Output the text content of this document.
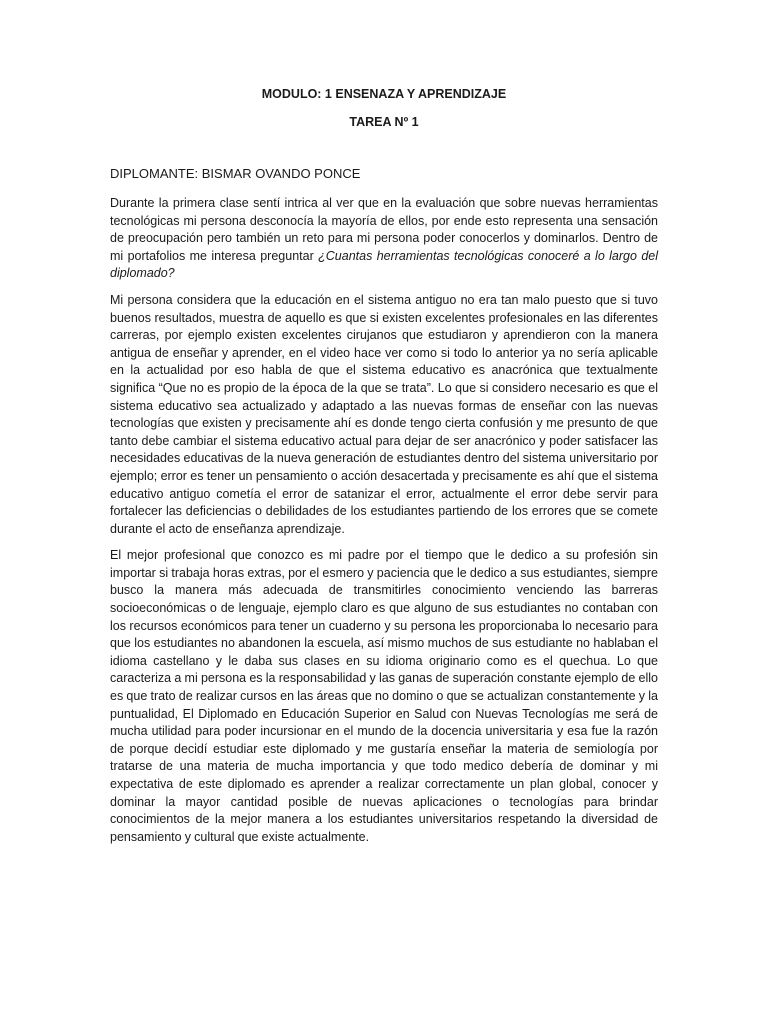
MODULO: 1 ENSENAZA Y APRENDIZAJE
TAREA Nº 1

DIPLOMANTE: BISMAR OVANDO PONCE

Durante la primera clase sentí intrica al ver que en la evaluación que sobre nuevas herramientas tecnológicas mi persona desconocía la mayoría de ellos, por ende esto representa una sensación de preocupación pero también un reto para mi persona poder conocerlos y dominarlos. Dentro de mi portafolios me interesa preguntar ¿Cuantas herramientas tecnológicas conoceré a lo largo del diplomado?

Mi persona considera que la educación en el sistema antiguo no era tan malo puesto que si tuvo buenos resultados, muestra de aquello es que si existen excelentes profesionales en las diferentes carreras, por ejemplo existen excelentes cirujanos que estudiaron y aprendieron con la manera antigua de enseñar y aprender, en el video hace ver como si todo lo anterior ya no sería aplicable en la actualidad por eso habla de que el sistema educativo es anacrónica que textualmente significa “Que no es propio de la época de la que se trata”. Lo que si considero necesario es que el sistema educativo sea actualizado y adaptado a las nuevas formas de enseñar con las nuevas tecnologías que existen y precisamente ahí es donde tengo cierta confusión y me presunto de que tanto debe cambiar el sistema educativo actual para dejar de ser anacrónico y poder satisfacer las necesidades educativas de la nueva generación de estudiantes dentro del sistema universitario por ejemplo; error es tener un pensamiento o acción desacertada y precisamente es ahí que el sistema educativo antiguo cometía el error de satanizar el error, actualmente el error debe servir para fortalecer las deficiencias o debilidades de los estudiantes partiendo de los errores que se comete durante el acto de enseñanza aprendizaje.

El mejor profesional que conozco es mi padre por el tiempo que le dedico a su profesión sin importar si trabaja horas extras, por el esmero y paciencia que le dedico a sus estudiantes, siempre busco la manera más adecuada de transmitirles conocimiento venciendo las barreras socioeconómicas o de lenguaje, ejemplo claro es que alguno de sus estudiantes no contaban con los recursos económicos para tener un cuaderno y su persona les proporcionaba lo necesario para que los estudiantes no abandonen la escuela, así mismo muchos de sus estudiante no hablaban el idioma castellano y le daba sus clases en su idioma originario como es el quechua. Lo que caracteriza a mi persona es la responsabilidad y las ganas de superación constante ejemplo de ello es que trato de realizar cursos en las áreas que no domino o que se actualizan constantemente y la puntualidad, El Diplomado en Educación Superior en Salud con Nuevas Tecnologías me será de mucha utilidad para poder incursionar en el mundo de la docencia universitaria y esa fue la razón de porque decidí estudiar este diplomado y me gustaría enseñar la materia de semiología por tratarse de una materia de mucha importancia y que todo medico debería de dominar y mi expectativa de este diplomado es aprender a realizar correctamente un plan global, conocer y dominar la mayor cantidad posible de nuevas aplicaciones o tecnologías para brindar conocimientos de la mejor manera a los estudiantes universitarios respetando la diversidad de pensamiento y cultural que existe actualmente.
